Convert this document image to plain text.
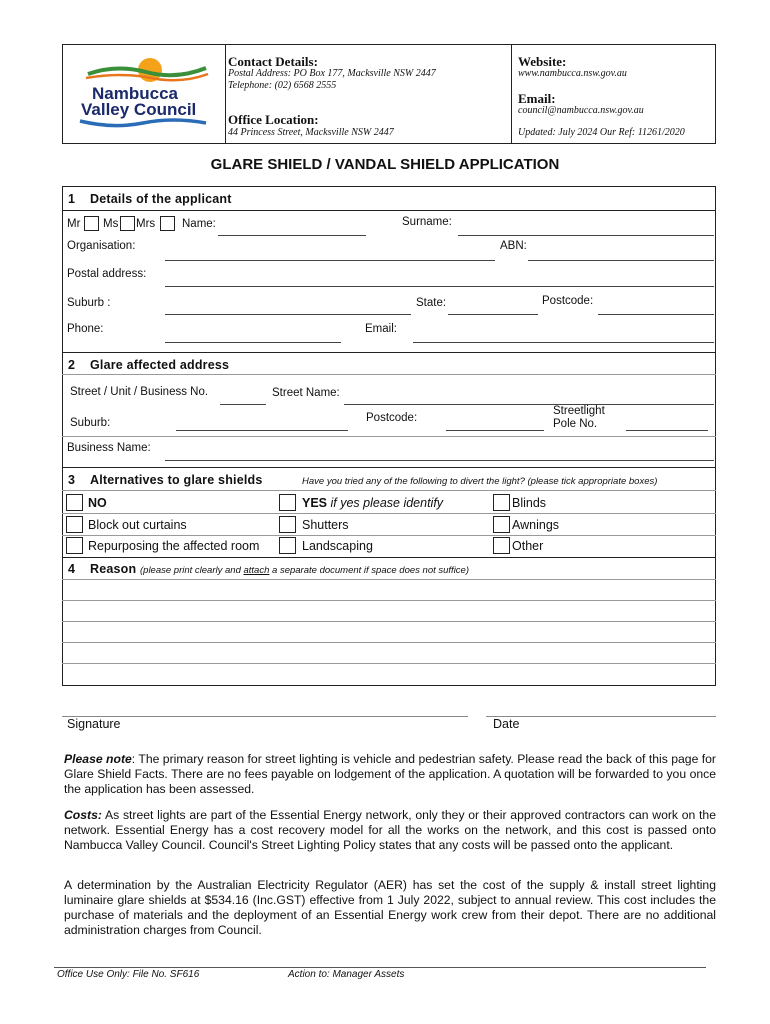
Nambucca
Valley Council
Contact Details:
Postal Address: PO Box 177, Macksville NSW 2447
Telephone: (02) 6568 2555
Office Location:
44 Princess Street, Macksville NSW 2447
Website:
www.nambucca.nsw.gov.au
Email:
council@nambucca.nsw.gov.au
Updated: July 2024 Our Ref: 11261/2020
GLARE SHIELD / VANDAL SHIELD APPLICATION
1 Details of the applicant
Mr Ms Mrs Name:	Surname:
Organisation:	ABN:
Postal address:
Suburb :	State:	Postcode:
Phone:	Email:
2 Glare affected address
Street / Unit / Business No.	Street Name:
Suburb:	Postcode:
Streetlight
Pole No.
Business Name:
3 Alternatives to glare shields	Have you tried any of the following to divert the light? (please tick appropriate boxes)
NO	YES if yes please identify	Blinds
Block out curtains	Shutters	Awnings
Repurposing the affected room	Landscaping	Other
4 Reason (please print clearly and attach a separate document if space does not suffice)
Signature	Date
Please note: The primary reason for street lighting is vehicle and pedestrian safety. Please read the back of this page for Glare Shield Facts. There are no fees payable on lodgement of the application. A quotation will be forwarded to you once the application has been assessed.
Costs: As street lights are part of the Essential Energy network, only they or their approved contractors can work on the network. Essential Energy has a cost recovery model for all the works on the network, and this cost is passed onto Nambucca Valley Council. Council's Street Lighting Policy states that any costs will be passed onto the applicant.
A determination by the Australian Electricity Regulator (AER) has set the cost of the supply & install street lighting luminaire glare shields at $534.16 (Inc.GST) effective from 1 July 2022, subject to annual review. This cost includes the purchase of materials and the deployment of an Essential Energy work crew from their depot. There are no additional administration charges from Council.
Office Use Only: File No. SF616	Action to: Manager Assets
